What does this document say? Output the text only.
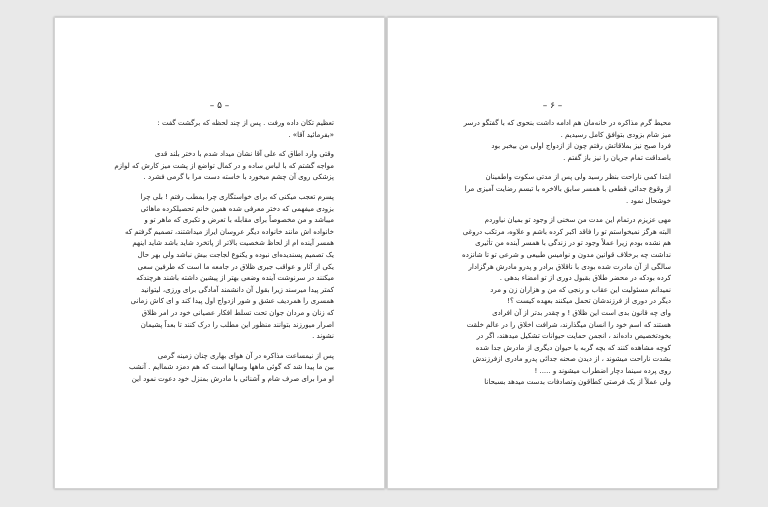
– ۵ –
تعظیم تکان داده ورفت . پس از چند لحظه که برگشت گفت :
«بفرمائید آقا» .
وقتی وارد اطاق که علی آقا نشان میداد شدم با دختر بلند قدی
مواجه گشتم که با لباس ساده و در کمال تواضع از پشت میز کارش که لوازم
پزشکی روی آن چشم میخورد با خاسته دست مرا با گرمی فشرد .
پسرم تعجب میکنی که برای خواستگاری چرا بمطب رفتم ! بلی چرا
بزودی میفهمی که دختر معرفی شده همین خانم تحصیلکرده ماهائی
میباشد و من مخصوصاً برای مقابله با تعرض و تکبری که ماهر تو و
خانواده اش مانند خانواده دیگر عروسان ایراز میداشتند، تصمیم گرفتم که
همسر آینده ام از لحاظ شخصیت بالاتر از پاتخرد شاید باشد شاید اینهم
یک تصمیم پسندیده‌ای نبوده و یکنوع لجاجت بیش نباشد ولی بهر حال
یکی از آثار و عواقب جبری ظلاق در جامعه ما است که طرفین سعی
میکنند در سرنوشت آینده وضعی بهتر از پیشین داشته باشند هرچندکه
کمتر پیدا میرسند زیرا بقول آن دانشمند آمادگی برای ورزی، لیتوانید
همسری را همردیف عشق و شور ازدواج اول پیدا کند و ای کاش زمانی
که زنان و مردان جوان تحت تسلط افکار عصیانی خود در امر ظلاق
اصرار میورزند بتوانند منظور این مطلب را درک کنند تا بعداً پشیمان
نشوند .
پس از نیمساعت مذاکره در آن هوای بهاری چنان زمینه گرمی
بین ما پیدا شد که گوئی ماهها وسالها است که هم دمزد شماایم . آنشب
او مرا برای صرف شام و آشنائی با مادرش بمنزل خود دعوت نمود این
– ۶ –
محیط گرم مذاکره در خانه‌مان هم ادامه داشت بنحوی که با گفتگو درسر
میز شام بزودی بتوافق کامل رسیدیم .
فردا صبح نیز بملاقاتش رفتم چون از ازدواج اولی من بیخبر بود
باصداقت تمام جریان را نیز باز گفتم .
ابتدا کمی ناراحت بنظر رسید ولی پس از مدتی سکوت واطمینان
از وقوع جدائی قطعی با همسر سابق بالاخره با تبسم رضایت آمیزی مرا
خوشحال نمود .
مهی عزیزم درتمام این مدت من سخنی از وجود تو بمیان نیاوردم
البته هرگز نمیخواستم تو را فاقد اکبر کرده باشم و علاوه، مرتکب دروغی
هم نشده بودم زیرا عملاً وجود تو در زندگی با همسر آینده من تأثیری
نداشت چه برخلاف قوانین مدون و نوامیس طبیعی و شرعی تو تا شانزده
سالگی از آن مادرت شده بودی با ناقلاق برادر و پدرو مادرش هرگزادار
کرده بودکه در محضر طلاق بقبول دوری از تو امضاء بدهی .
نمیدانم مسئولیت این عقاب و رنجی که من و هزاران زن و مرد
دیگر در دوری از فرزندشان تحمل میکنند بعهده کیست ؟!
وای چه قانون بدی است این ظلاق ! و چقدر بدتر از آن افرادی
هستند که اسم خود را انسان میگذارند، شرافت اخلاق را در عالم خلقت
بخودتخصیص داده‌اند ، انجمن حمایت حیوانات تشکیل میدهند، اگر در
کوچه مشاهده کنند که بچه گربه یا حیوان دیگری از مادرش جدا شده
بشدت ناراحت میشوند ، از دیدن صحنه جدائی پدرو مادری ازفرزندش
روی پرده سینما دچار اضطراب میشوند و ..... !
ولی عملاً از یک فرصتی کطاقون وتصادفات بدست میدهد بسبحانا
